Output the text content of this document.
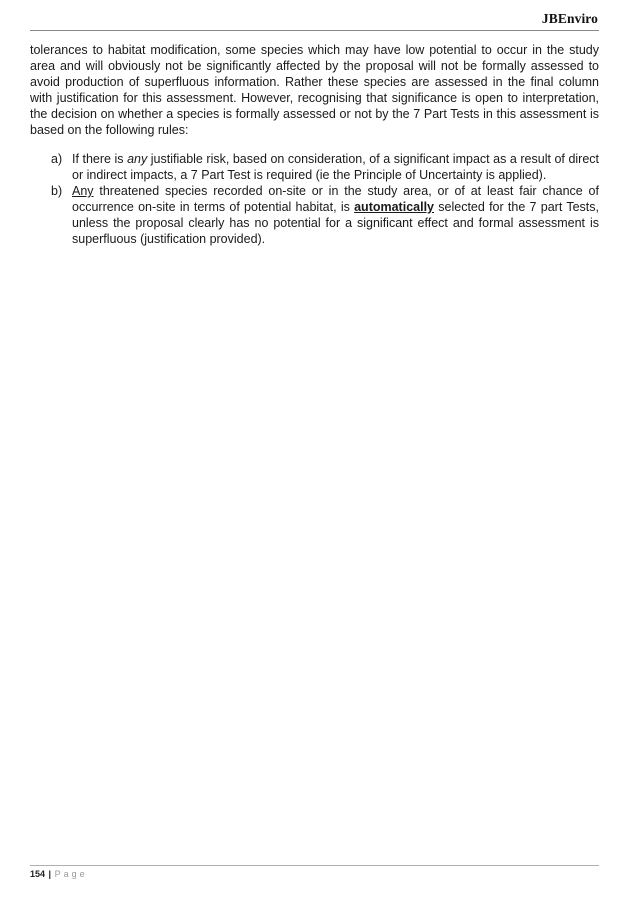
JBEnviro

tolerances to habitat modification, some species which may have low potential to occur in the study area and will obviously not be significantly affected by the proposal will not be formally assessed to avoid production of superfluous information. Rather these species are assessed in the final column with justification for this assessment. However, recognising that significance is open to interpretation, the decision on whether a species is formally assessed or not by the 7 Part Tests in this assessment is based on the following rules:

a) If there is any justifiable risk, based on consideration, of a significant impact as a result of direct or indirect impacts, a 7 Part Test is required (ie the Principle of Uncertainty is applied).
b) Any threatened species recorded on-site or in the study area, or of at least fair chance of occurrence on-site in terms of potential habitat, is automatically selected for the 7 part Tests, unless the proposal clearly has no potential for a significant effect and formal assessment is superfluous (justification provided).
154 | Page
